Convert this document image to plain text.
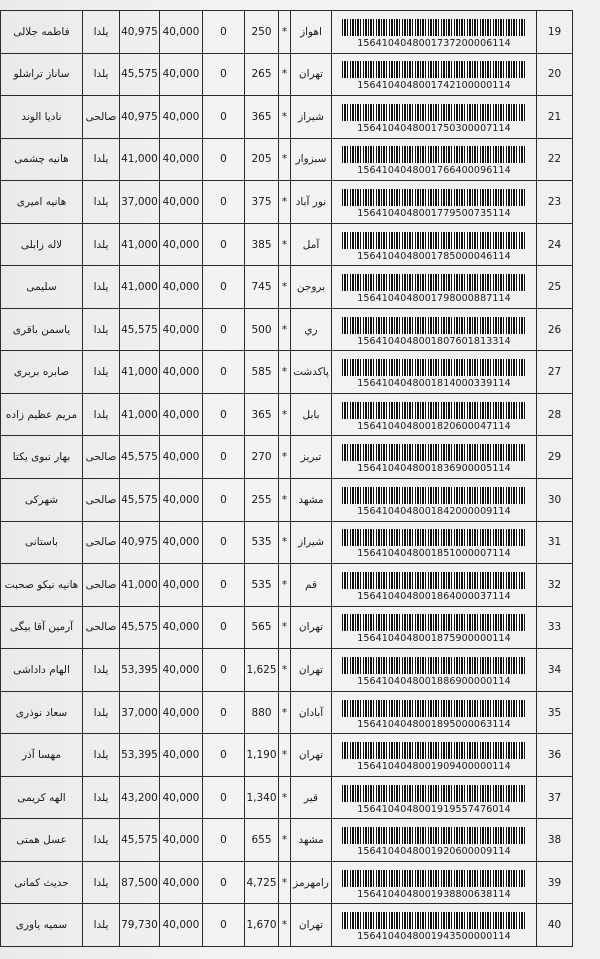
فاطمه جلالی	یلدا	40,975	40,000	0	250	*	اهواز	1564104048001737200006114	19
ساناز تراشلو	یلدا	45,575	40,000	0	265	*	تهران	1564104048001742100000114	20
نادیا الوند	صالحی	40,975	40,000	0	365	*	شیراز	1564104048001750300007114	21
هانیه چشمی	یلدا	41,000	40,000	0	205	*	سبزوار	1564104048001766400096114	22
هانیه امیری	یلدا	37,000	40,000	0	375	*	نور آباد	1564104048001779500735114	23
لاله زابلی	یلدا	41,000	40,000	0	385	*	آمل	1564104048001785000046114	24
سلیمی	یلدا	41,000	40,000	0	745	*	بروجن	1564104048001798000887114	25
یاسمن باقری	یلدا	45,575	40,000	0	500	*	ري	1564104048001807601813314	26
صابره بربری	یلدا	41,000	40,000	0	585	*	پاکدشت	1564104048001814000339114	27
مریم عظیم زاده	یلدا	41,000	40,000	0	365	*	بابل	1564104048001820600047114	28
بهار نبوی یکتا	صالحی	45,575	40,000	0	270	*	تبریز	1564104048001836900005114	29
شهرکی	صالحی	45,575	40,000	0	255	*	مشهد	1564104048001842000009114	30
باستانی	صالحی	40,975	40,000	0	535	*	شیراز	1564104048001851000007114	31
هانیه نیکو صحبت	صالحی	41,000	40,000	0	535	*	قم	1564104048001864000037114	32
آرمین آقا بیگی	صالحی	45,575	40,000	0	565	*	تهران	1564104048001875900000114	33
الهام داداشی	یلدا	53,395	40,000	0	1,625	*	تهران	1564104048001886900000114	34
سعاد نوذری	یلدا	37,000	40,000	0	880	*	آبادان	1564104048001895000063114	35
مهسا آذر	یلدا	53,395	40,000	0	1,190	*	تهران	1564104048001909400000114	36
الهه کریمی	یلدا	43,200	40,000	0	1,340	*	قیر	1564104048001919557476014	37
عسل همتی	یلدا	45,575	40,000	0	655	*	مشهد	1564104048001920600009114	38
حدیث کمانی	یلدا	87,500	40,000	0	4,725	*	رامهرمز	1564104048001938800638114	39
سمیه یاوری	یلدا	79,730	40,000	0	1,670	*	تهران	1564104048001943500000114	40
